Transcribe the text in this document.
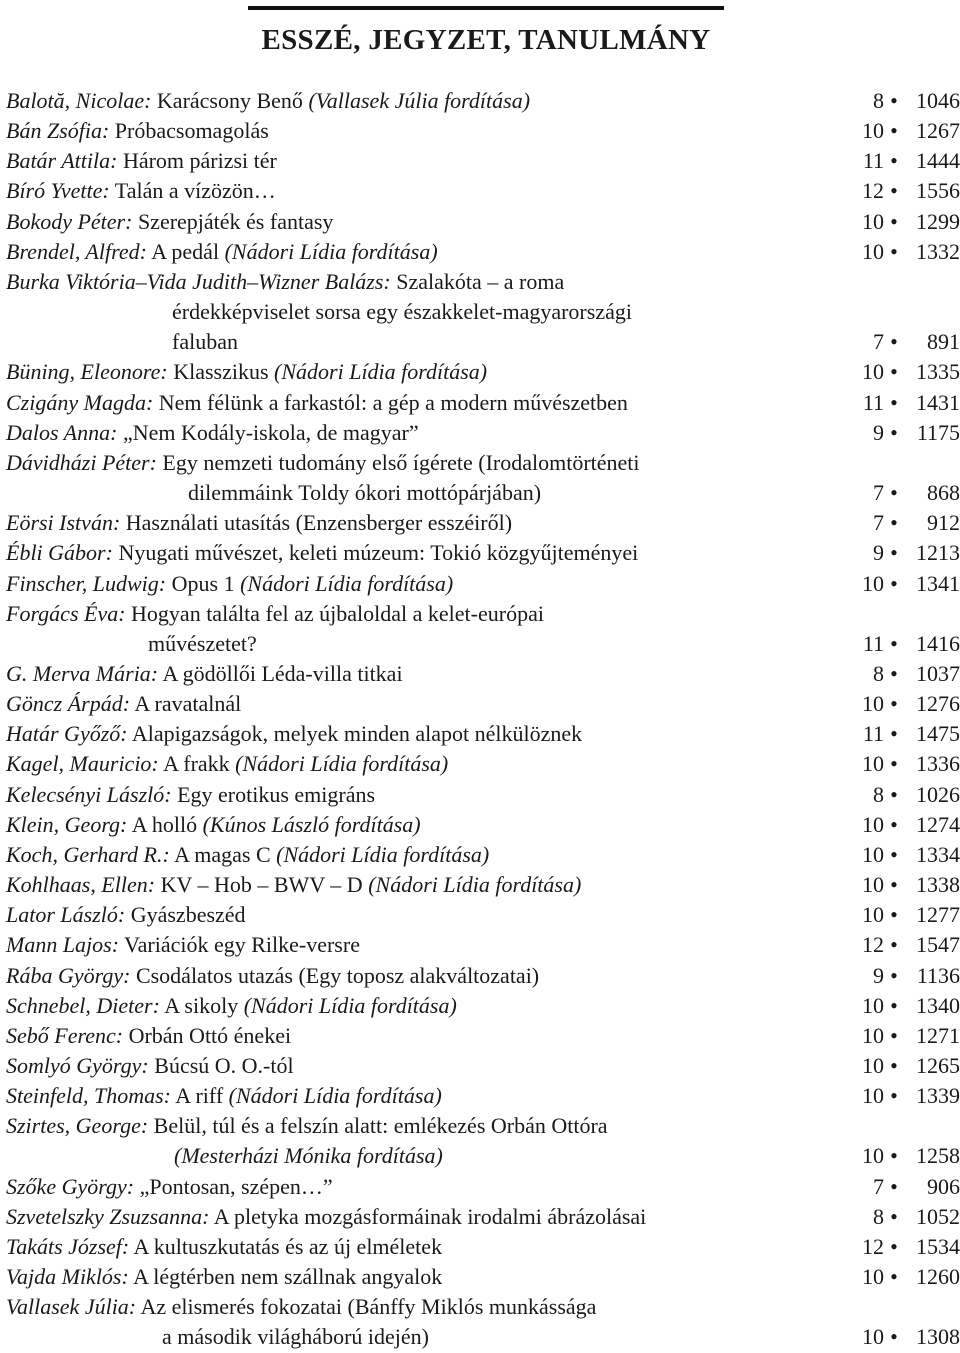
ESSZÉ, JEGYZET, TANULMÁNY
Balotă, Nicolae: Karácsony Benő (Vallasek Júlia fordítása)	8 • 1046
Bán Zsófia: Próbacsomagolás	10 • 1267
Batár Attila: Három párizsi tér	11 • 1444
Bíró Yvette: Talán a vízözön…	12 • 1556
Bokody Péter: Szerepjáték és fantasy	10 • 1299
Brendel, Alfred: A pedál (Nádori Lídia fordítása)	10 • 1332
Burka Viktória–Vida Judith–Wizner Balázs: Szalakóta – a roma
érdekképviselet sorsa egy északkelet-magyarországi
faluban	7 •	891
Büning, Eleonore: Klasszikus (Nádori Lídia fordítása)	10 • 1335
Czigány Magda: Nem félünk a farkastól: a gép a modern művészetben	11 • 1431
Dalos Anna: „Nem Kodály-iskola, de magyar”	9 • 1175
Dávidházi Péter: Egy nemzeti tudomány első ígérete (Irodalomtörténeti
dilemmáink Toldy ókori mottópárjában)	7 •	868
Eörsi István: Használati utasítás (Enzensberger esszéiről)	7 •	912
Ébli Gábor: Nyugati művészet, keleti múzeum: Tokió közgyűjteményei	9 • 1213
Finscher, Ludwig: Opus 1 (Nádori Lídia fordítása)	10 • 1341
Forgács Éva: Hogyan találta fel az újbaloldal a kelet-európai
művészetet?	11 • 1416
G. Merva Mária: A gödöllői Léda-villa titkai	8 • 1037
Göncz Árpád: A ravatalnál	10 • 1276
Határ Győző: Alapigazságok, melyek minden alapot nélkülöznek	11 • 1475
Kagel, Mauricio: A frakk (Nádori Lídia fordítása)	10 • 1336
Kelecsényi László: Egy erotikus emigráns	8 • 1026
Klein, Georg: A holló (Kúnos László fordítása)	10 • 1274
Koch, Gerhard R.: A magas C (Nádori Lídia fordítása)	10 • 1334
Kohlhaas, Ellen: KV – Hob – BWV – D (Nádori Lídia fordítása)	10 • 1338
Lator László: Gyászbeszéd	10 • 1277
Mann Lajos: Variációk egy Rilke-versre	12 • 1547
Rába György: Csodálatos utazás (Egy toposz alakváltozatai)	9 • 1136
Schnebel, Dieter: A sikoly (Nádori Lídia fordítása)	10 • 1340
Sebő Ferenc: Orbán Ottó énekei	10 • 1271
Somlyó György: Búcsú O. O.-tól	10 • 1265
Steinfeld, Thomas: A riff (Nádori Lídia fordítása)	10 • 1339
Szirtes, George: Belül, túl és a felszín alatt: emlékezés Orbán Ottóra
(Mesterházi Mónika fordítása)	10 • 1258
Szőke György: „Pontosan, szépen…”	7 •	906
Szvetelszky Zsuzsanna: A pletyka mozgásformáinak irodalmi ábrázolásai	8 • 1052
Takáts József: A kultuszkutatás és az új elméletek	12 • 1534
Vajda Miklós: A légtérben nem szállnak angyalok	10 • 1260
Vallasek Júlia: Az elismerés fokozatai (Bánffy Miklós munkássága
a második világháború idején)	10 • 1308
